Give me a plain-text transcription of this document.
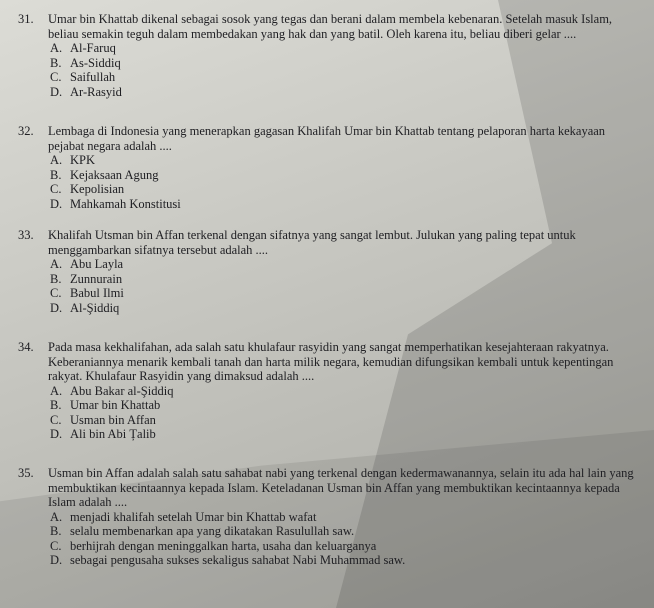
31.	Umar bin Khattab dikenal sebagai sosok yang tegas dan berani dalam membela kebenaran. Setelah masuk Islam, beliau semakin teguh dalam membedakan yang hak dan yang batil. Oleh karena itu, beliau diberi gelar ....

A. Al-Faruq
B. As-Siddiq
C. Saifullah
D. Ar-Rasyid

32.	Lembaga di Indonesia yang menerapkan gagasan Khalifah Umar bin Khattab tentang pelaporan harta kekayaan pejabat negara adalah ....

A. KPK
B. Kejaksaan Agung
C. Kepolisian
D. Mahkamah Konstitusi

33.	Khalifah Utsman bin Affan terkenal dengan sifatnya yang sangat lembut. Julukan yang paling tepat untuk menggambarkan sifatnya tersebut adalah ....

A. Abu Layla
B. Zunnurain
C. Babul Ilmi
D. Al-Şiddiq

34.	Pada masa kekhalifahan, ada salah satu khulafaur rasyidin yang sangat memperhatikan kesejahteraan rakyatnya. Keberaniannya menarik kembali tanah dan harta milik negara, kemudian difungsikan kembali untuk kepentingan rakyat. Khulafaur Rasyidin yang dimaksud adalah ....

A. Abu Bakar al-Şiddiq
B. Umar bin Khattab
C. Usman bin Affan
D. Ali bin Abi Țalib

35.	Usman bin Affan adalah salah satu sahabat nabi yang terkenal dengan kedermawanannya, selain itu ada hal lain yang membuktikan kecintaannya kepada Islam. Keteladanan Usman bin Affan yang membuktikan kecintaannya kepada Islam adalah ....

A. menjadi khalifah setelah Umar bin Khattab wafat
B. selalu membenarkan apa yang dikatakan Rasulullah saw.
C. berhijrah dengan meninggalkan harta, usaha dan keluarganya
D. sebagai pengusaha sukses sekaligus sahabat Nabi Muhammad saw.
